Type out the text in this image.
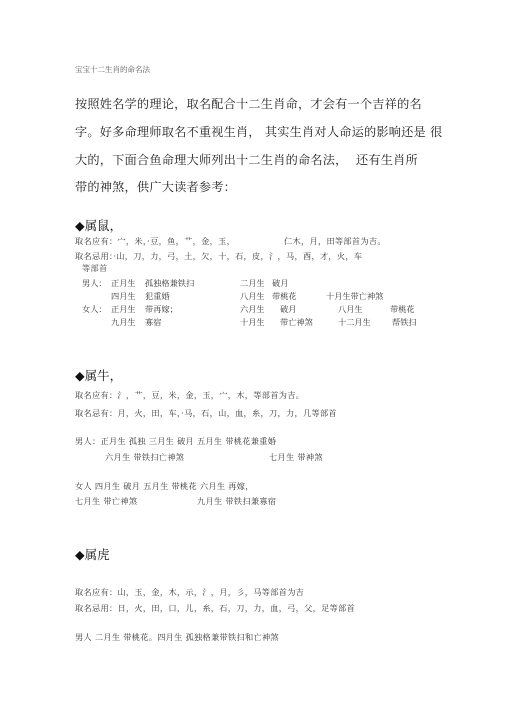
宝宝十二生肖的命名法
按照姓名学的理论，取名配合十二生肖命，才会有一个吉祥的名
字。好多命理师取名不重视生肖， 其实生肖对人命运的影响还是 很
大的，下面合鱼命理大师列出十二生肖的命名法， 还有生肖所
带的神煞，供广大读者参考：
◆属鼠，
取名应有：宀，米，·豆，鱼，艹，金，玉，	仁木，月，田等部首为吉。
取名忌用：·山，刀，力，弓，土，欠，十，石，皮，氵，马，酉，才，火，车
等部首
男人： 正月生 孤独格兼铁扫	二月生 破月
四月生 犯重婚	八月生 带桃花	十月生带亡神煞
女人： 正月生 带再嫁；	六月生 破月	八月生	带桃花
九月生 寡宿	十月生 带亡神煞	十二月生	帮铁扫
◆属牛，
取名应有：氵，艹，豆，米，金，玉，宀，木，等部首为吉。
取名忌有：月，火，田，车，·马，石，山，血，糸，刀，力，几等部首
男人：正月生 孤独 三月生 破月 五月生 带桃花兼重婚
六月生 带铁扫亡神煞	七月生 带神煞
女人 四月生 破月 五月生 带桃花 六月生 再嫁，
七月生 带亡神煞	九月生 带铁扫兼寡宿
◆属虎
取名应有：山，玉，金，木，示，氵，月，彡，马等部首为吉
取名忌用：日，火，田，口，儿，糸，石，刀，力，血，弓，父，足等部首
男人 二月生 带桃花。四月生 孤独格兼带铁扫和亡神煞
